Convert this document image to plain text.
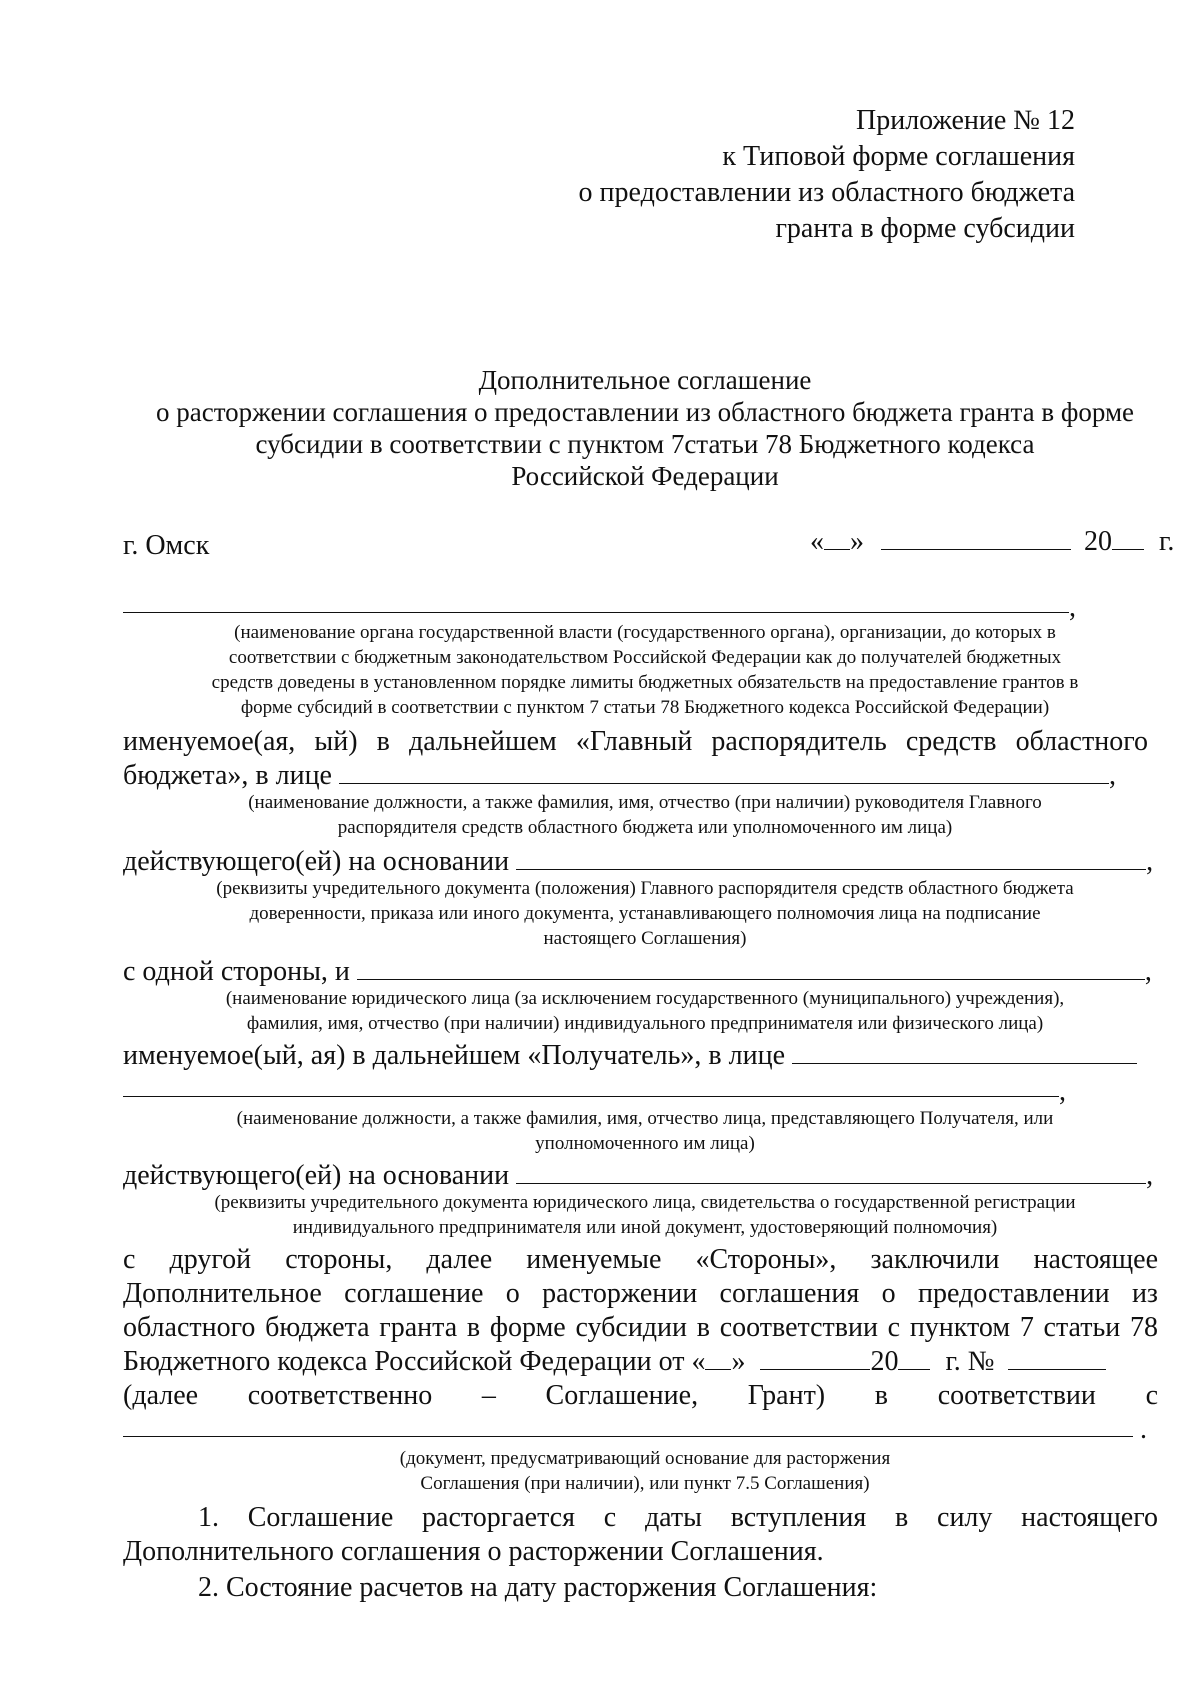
Приложение № 12
к Типовой форме соглашения
о предоставлении из областного бюджета
гранта в форме субсидии
Дополнительное соглашение
о расторжении соглашения о предоставлении из областного бюджета гранта в форме
субсидии в соответствии с пунктом 7статьи 78 Бюджетного кодекса
Российской Федерации
г. Омск	« »	20 г.
,
(наименование органа государственной власти (государственного органа), организации, до которых в
соответствии с бюджетным законодательством Российской Федерации как до получателей бюджетных
средств доведены в установленном порядке лимиты бюджетных обязательств на предоставление грантов в
форме субсидий в соответствии с пунктом 7 статьи 78 Бюджетного кодекса Российской Федерации)
именуемое(ая, ый) в дальнейшем «Главный распорядитель средств областного
бюджета», в лице	,
(наименование должности, а также фамилия, имя, отчество (при наличии) руководителя Главного
распорядителя средств областного бюджета или уполномоченного им лица)
действующего(ей) на основании	,
(реквизиты учредительного документа (положения) Главного распорядителя средств областного бюджета
доверенности, приказа или иного документа, устанавливающего полномочия лица на подписание
настоящего Соглашения)
с одной стороны, и	,
(наименование юридического лица (за исключением государственного (муниципального) учреждения),
фамилия, имя, отчество (при наличии) индивидуального предпринимателя или физического лица)
именуемое(ый, ая) в дальнейшем «Получатель», в лице
,
(наименование должности, а также фамилия, имя, отчество лица, представляющего Получателя, или
уполномоченного им лица)
действующего(ей) на основании	,
(реквизиты учредительного документа юридического лица, свидетельства о государственной регистрации
индивидуального предпринимателя или иной документ, удостоверяющий полномочия)
с другой стороны, далее именуемые «Стороны», заключили настоящее
Дополнительное соглашение о расторжении соглашения о предоставлении из
областного бюджета гранта в форме субсидии в соответствии с пунктом 7 статьи 78
Бюджетного кодекса Российской Федерации от « »	20 г. №
(далее соответственно – Соглашение, Грант) в соответствии с
.
(документ, предусматривающий основание для расторжения
Соглашения (при наличии), или пункт 7.5 Соглашения)
1. Соглашение расторгается с даты вступления в силу настоящего
Дополнительного соглашения о расторжении Соглашения.
2. Состояние расчетов на дату расторжения Соглашения:
